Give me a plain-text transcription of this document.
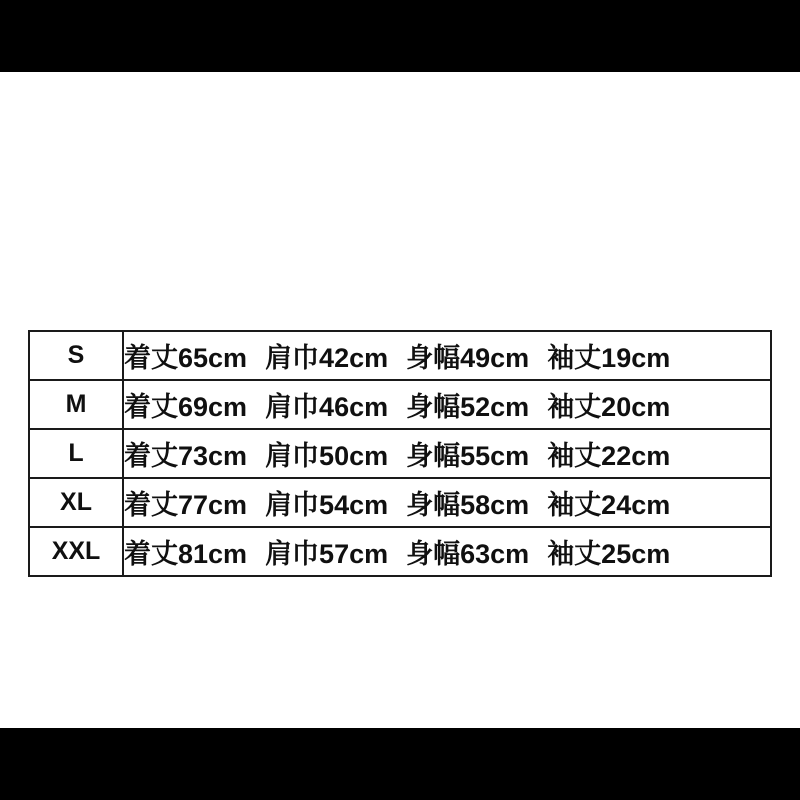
S	着丈65cm 肩巾42cm 身幅49cm 袖丈19cm

M	着丈69cm 肩巾46cm 身幅52cm 袖丈20cm

L	着丈73cm 肩巾50cm 身幅55cm 袖丈22cm

XL	着丈77cm 肩巾54cm 身幅58cm 袖丈24cm

XXL	着丈81cm 肩巾57cm 身幅63cm 袖丈25cm
